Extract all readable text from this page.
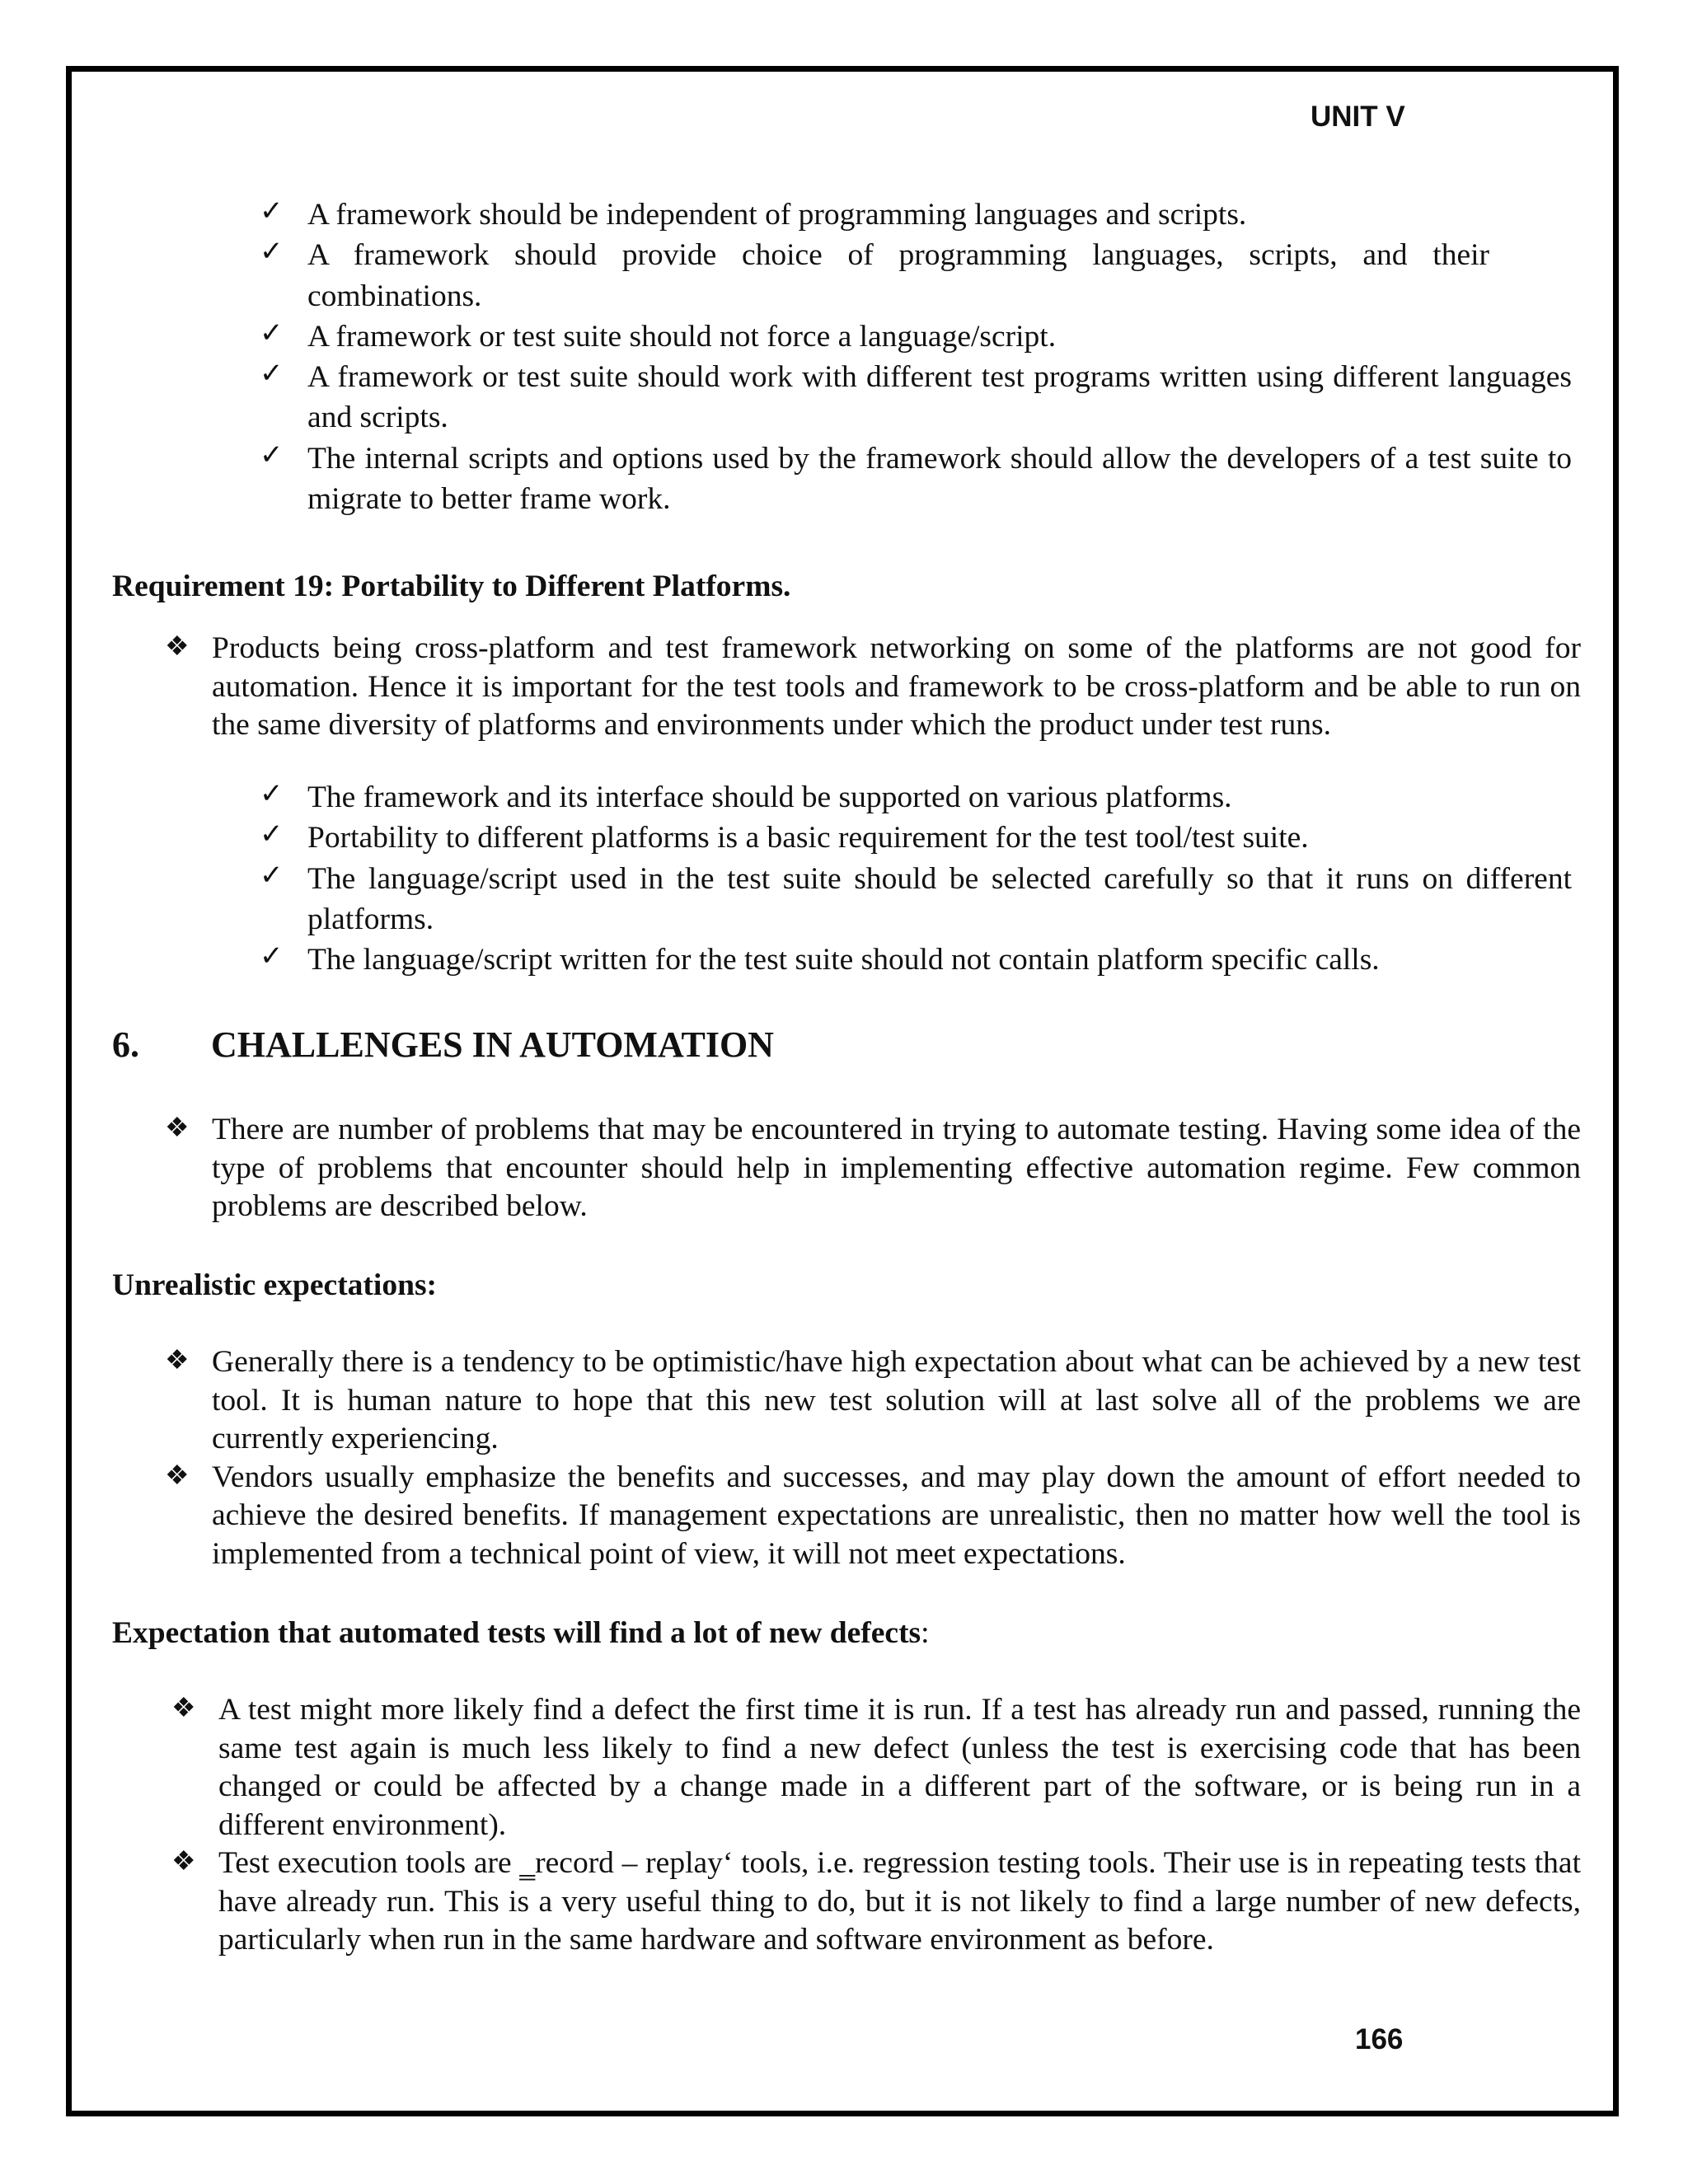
UNIT V
✓ A framework should be independent of programming languages and scripts.
✓ A framework should provide choice of programming languages, scripts, and their combinations.
✓ A framework or test suite should not force a language/script.
✓ A framework or test suite should work with different test programs written using different languages and scripts.
✓ The internal scripts and options used by the framework should allow the developers of a test suite to migrate to better frame work.
Requirement 19: Portability to Different Platforms.
❖ Products being cross-platform and test framework networking on some of the platforms are not good for automation. Hence it is important for the test tools and framework to be cross-platform and be able to run on the same diversity of platforms and environments under which the product under test runs.
✓ The framework and its interface should be supported on various platforms.
✓ Portability to different platforms is a basic requirement for the test tool/test suite.
✓ The language/script used in the test suite should be selected carefully so that it runs on different platforms.
✓ The language/script written for the test suite should not contain platform specific calls.
6. CHALLENGES IN AUTOMATION
❖ There are number of problems that may be encountered in trying to automate testing. Having some idea of the type of problems that encounter should help in implementing effective automation regime. Few common problems are described below.
Unrealistic expectations:
❖ Generally there is a tendency to be optimistic/have high expectation about what can be achieved by a new test tool. It is human nature to hope that this new test solution will at last solve all of the problems we are currently experiencing.
❖ Vendors usually emphasize the benefits and successes, and may play down the amount of effort needed to achieve the desired benefits. If management expectations are unrealistic, then no matter how well the tool is implemented from a technical point of view, it will not meet expectations.
Expectation that automated tests will find a lot of new defects:
❖ A test might more likely find a defect the first time it is run. If a test has already run and passed, running the same test again is much less likely to find a new defect (unless the test is exercising code that has been changed or could be affected by a change made in a different part of the software, or is being run in a different environment).
❖ Test execution tools are ‗record – replay‘ tools, i.e. regression testing tools. Their use is in repeating tests that have already run. This is a very useful thing to do, but it is not likely to find a large number of new defects, particularly when run in the same hardware and software environment as before.
166
